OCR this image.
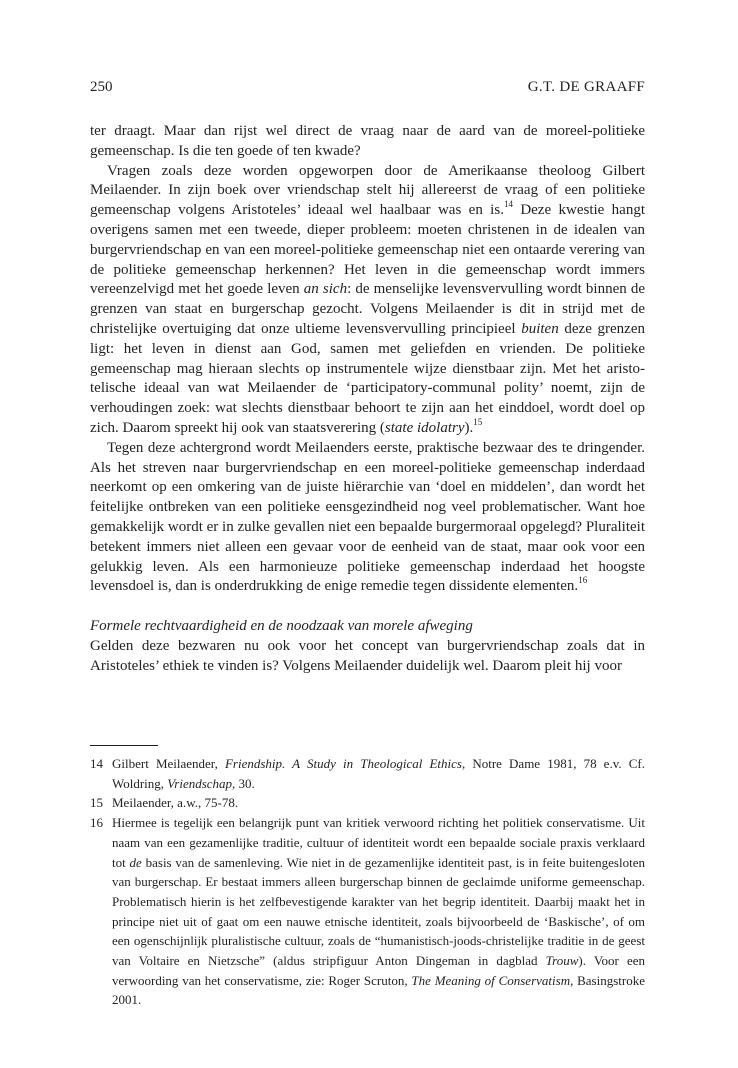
250	G.T. DE GRAAFF

ter draagt. Maar dan rijst wel direct de vraag naar de aard van de moreel-politieke gemeenschap. Is die ten goede of ten kwade?

Vragen zoals deze worden opgeworpen door de Amerikaanse theoloog Gilbert Meilaender. In zijn boek over vriendschap stelt hij allereerst de vraag of een politieke gemeenschap volgens Aristoteles’ ideaal wel haalbaar was en is.$^{14}$ Deze kwestie hangt overigens samen met een tweede, dieper probleem: moeten christenen in de idealen van burgervriendschap en van een moreel-politieke gemeenschap niet een ontaarde verering van de politieke gemeenschap herkennen? Het leven in die gemeenschap wordt immers vereenzelvigd met het goede leven an sich: de menselijke levensvervulling wordt binnen de grenzen van staat en burgerschap gezocht. Volgens Meilaender is dit in strijd met de christelijke overtuiging dat onze ultieme levensvervulling principieel buiten deze grenzen ligt: het leven in dienst aan God, samen met geliefden en vrienden. De politieke gemeenschap mag hieraan slechts op instrumentele wijze dienstbaar zijn. Met het aristotelische ideaal van wat Meilaender de ‘participatory-communal polity’ noemt, zijn de verhoudingen zoek: wat slechts dienstbaar behoort te zijn aan het einddoel, wordt doel op zich. Daarom spreekt hij ook van staatsverering (state idolatry).$^{15}$

Tegen deze achtergrond wordt Meilaenders eerste, praktische bezwaar des te dringender. Als het streven naar burgervriendschap en een moreel-politieke gemeenschap inderdaad neerkomt op een omkering van de juiste hiërarchie van ‘doel en middelen’, dan wordt het feitelijke ontbreken van een politieke eensgezindheid nog veel problematischer. Want hoe gemakkelijk wordt er in zulke gevallen niet een bepaalde burgermoraal opgelegd? Pluraliteit betekent immers niet alleen een gevaar voor de eenheid van de staat, maar ook voor een gelukkig leven. Als een harmonieuze politieke gemeenschap inderdaad het hoogste levensdoel is, dan is onderdrukking de enige remedie tegen dissidente elementen.$^{16}$

Formele rechtvaardigheid en de noodzaak van morele afweging

Gelden deze bezwaren nu ook voor het concept van burgervriendschap zoals dat in Aristoteles’ ethiek te vinden is? Volgens Meilaender duidelijk wel. Daarom pleit hij voor

14 Gilbert Meilaender, Friendship. A Study in Theological Ethics, Notre Dame 1981, 78 e.v. Cf. Woldring, Vriendschap, 30.
15 Meilaender, a.w., 75-78.
16 Hiermee is tegelijk een belangrijk punt van kritiek verwoord richting het politiek conservatisme. Uit naam van een gezamenlijke traditie, cultuur of identiteit wordt een bepaalde sociale praxis verklaard tot de basis van de samenleving. Wie niet in de gezamenlijke identiteit past, is in feite buitengesloten van burgerschap. Er bestaat immers alleen burgerschap binnen de geclaimde uniforme gemeenschap. Problematisch hierin is het zelfbevestigende karakter van het begrip identiteit. Daarbij maakt het in principe niet uit of gaat om een nauwe etnische identiteit, zoals bijvoorbeeld de ‘Baskische’, of om een ogenschijnlijk pluralistische cultuur, zoals de “humanistisch-joods-christelijke traditie in de geest van Voltaire en Nietzsche” (aldus stripfiguur Anton Dingeman in dagblad Trouw). Voor een verwoording van het conservatisme, zie: Roger Scruton, The Meaning of Conservatism, Basingstroke 2001.
